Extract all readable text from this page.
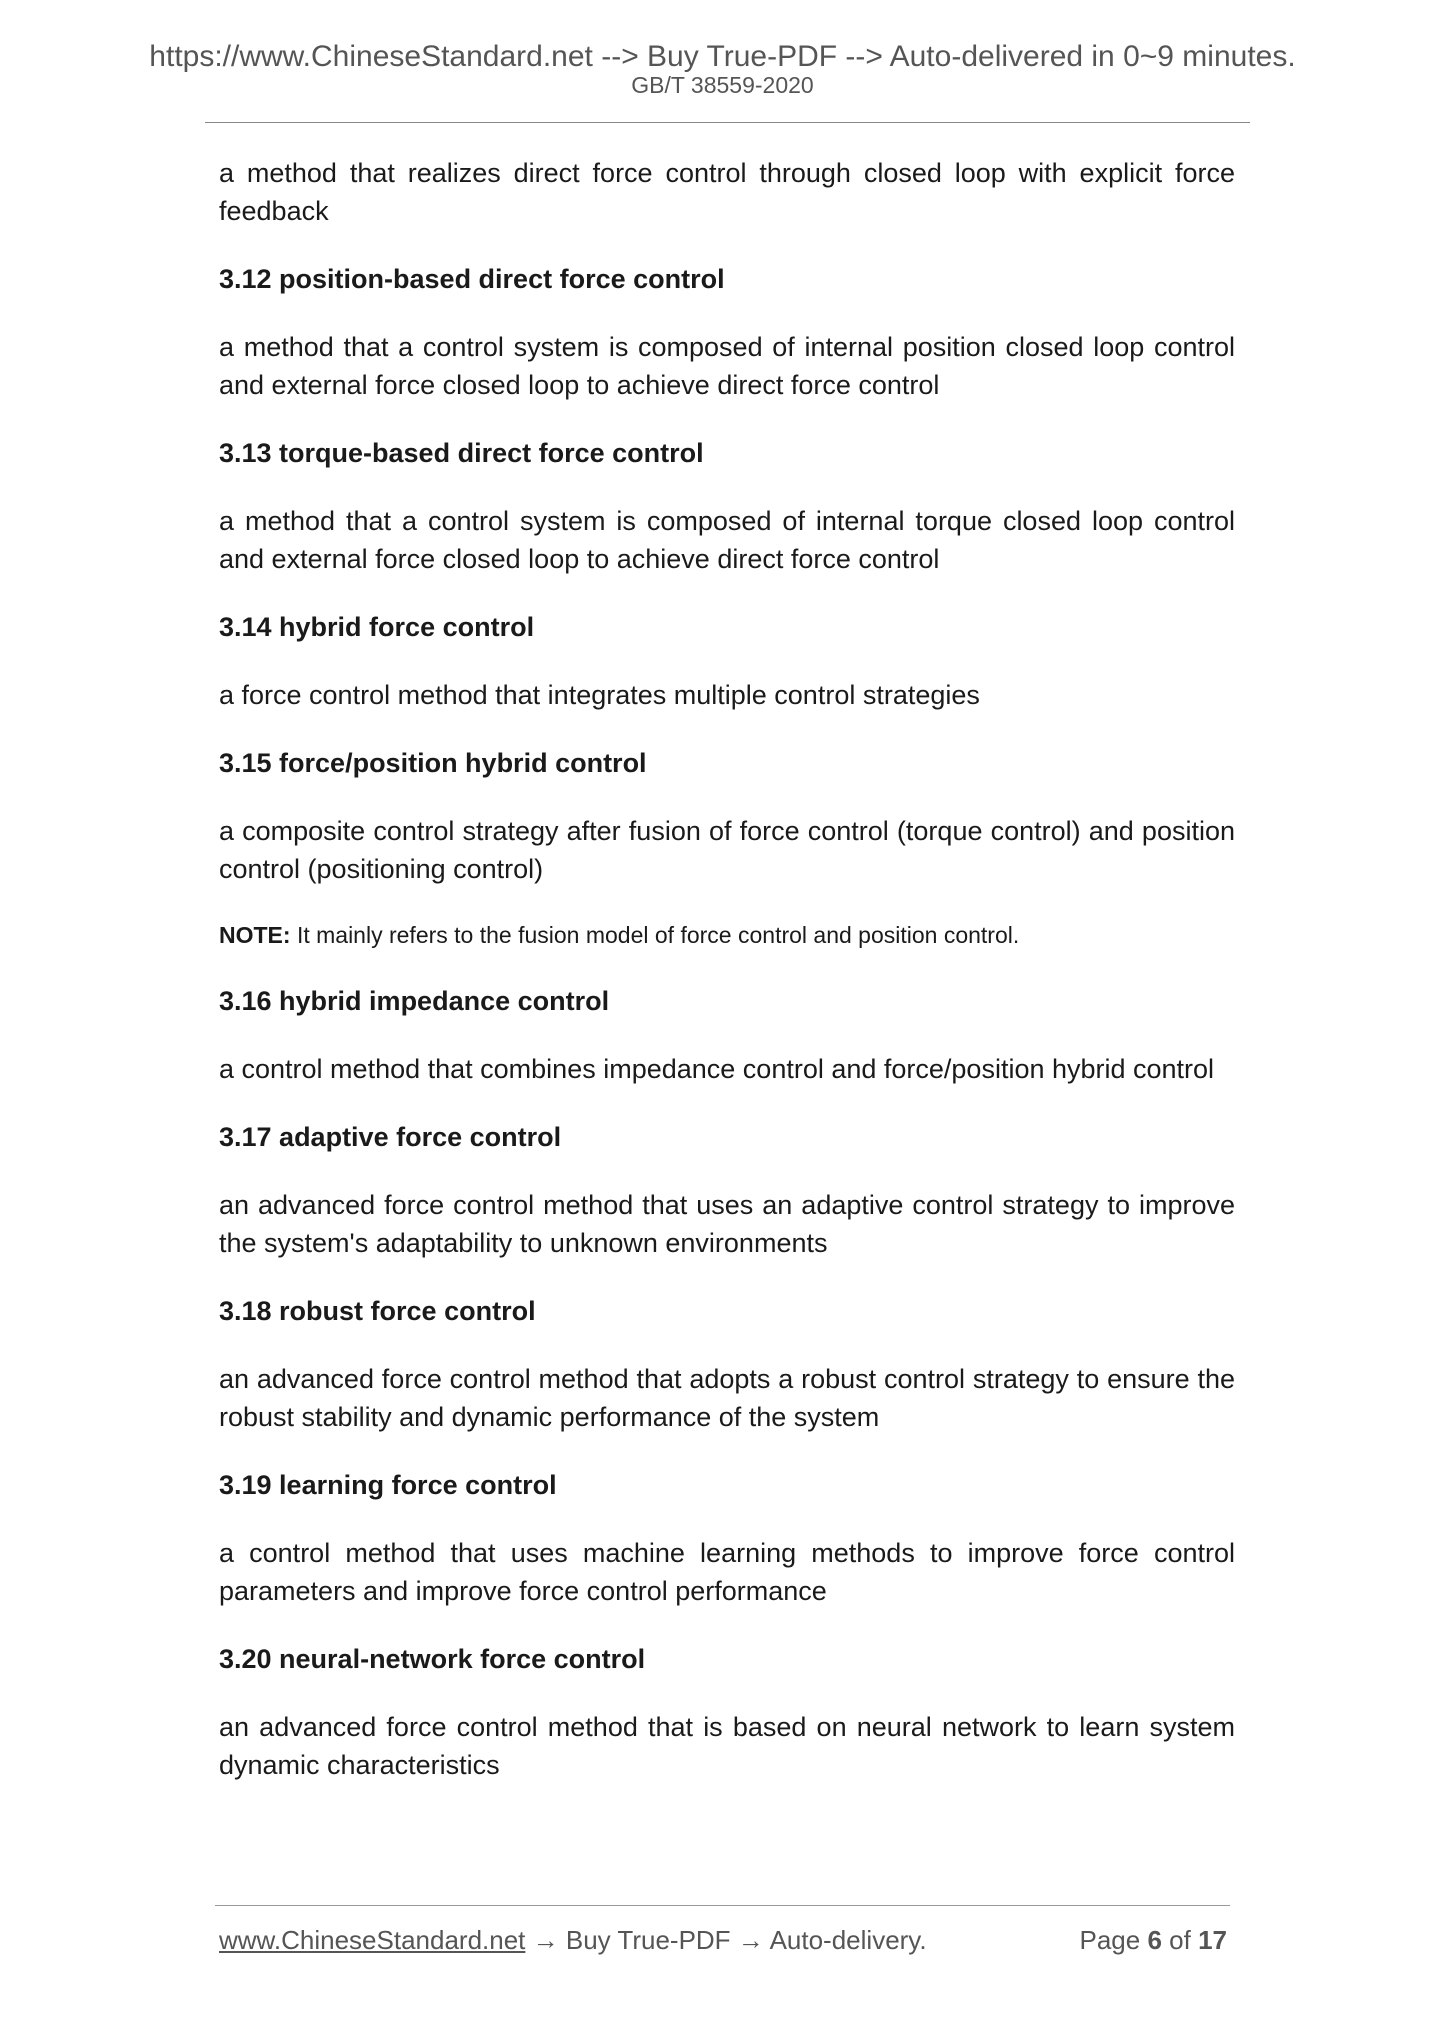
https://www.ChineseStandard.net --> Buy True-PDF --> Auto-delivered in 0~9 minutes.
GB/T 38559-2020

a method that realizes direct force control through closed loop with explicit force feedback

3.12 position-based direct force control

a method that a control system is composed of internal position closed loop control and external force closed loop to achieve direct force control

3.13 torque-based direct force control

a method that a control system is composed of internal torque closed loop control and external force closed loop to achieve direct force control

3.14 hybrid force control

a force control method that integrates multiple control strategies

3.15 force/position hybrid control

a composite control strategy after fusion of force control (torque control) and position control (positioning control)

NOTE: It mainly refers to the fusion model of force control and position control.

3.16 hybrid impedance control

a control method that combines impedance control and force/position hybrid control

3.17 adaptive force control

an advanced force control method that uses an adaptive control strategy to improve the system's adaptability to unknown environments

3.18 robust force control

an advanced force control method that adopts a robust control strategy to ensure the robust stability and dynamic performance of the system

3.19 learning force control

a control method that uses machine learning methods to improve force control parameters and improve force control performance

3.20 neural-network force control

an advanced force control method that is based on neural network to learn system dynamic characteristics

www.ChineseStandard.net → Buy True-PDF → Auto-delivery.	Page 6 of 17
